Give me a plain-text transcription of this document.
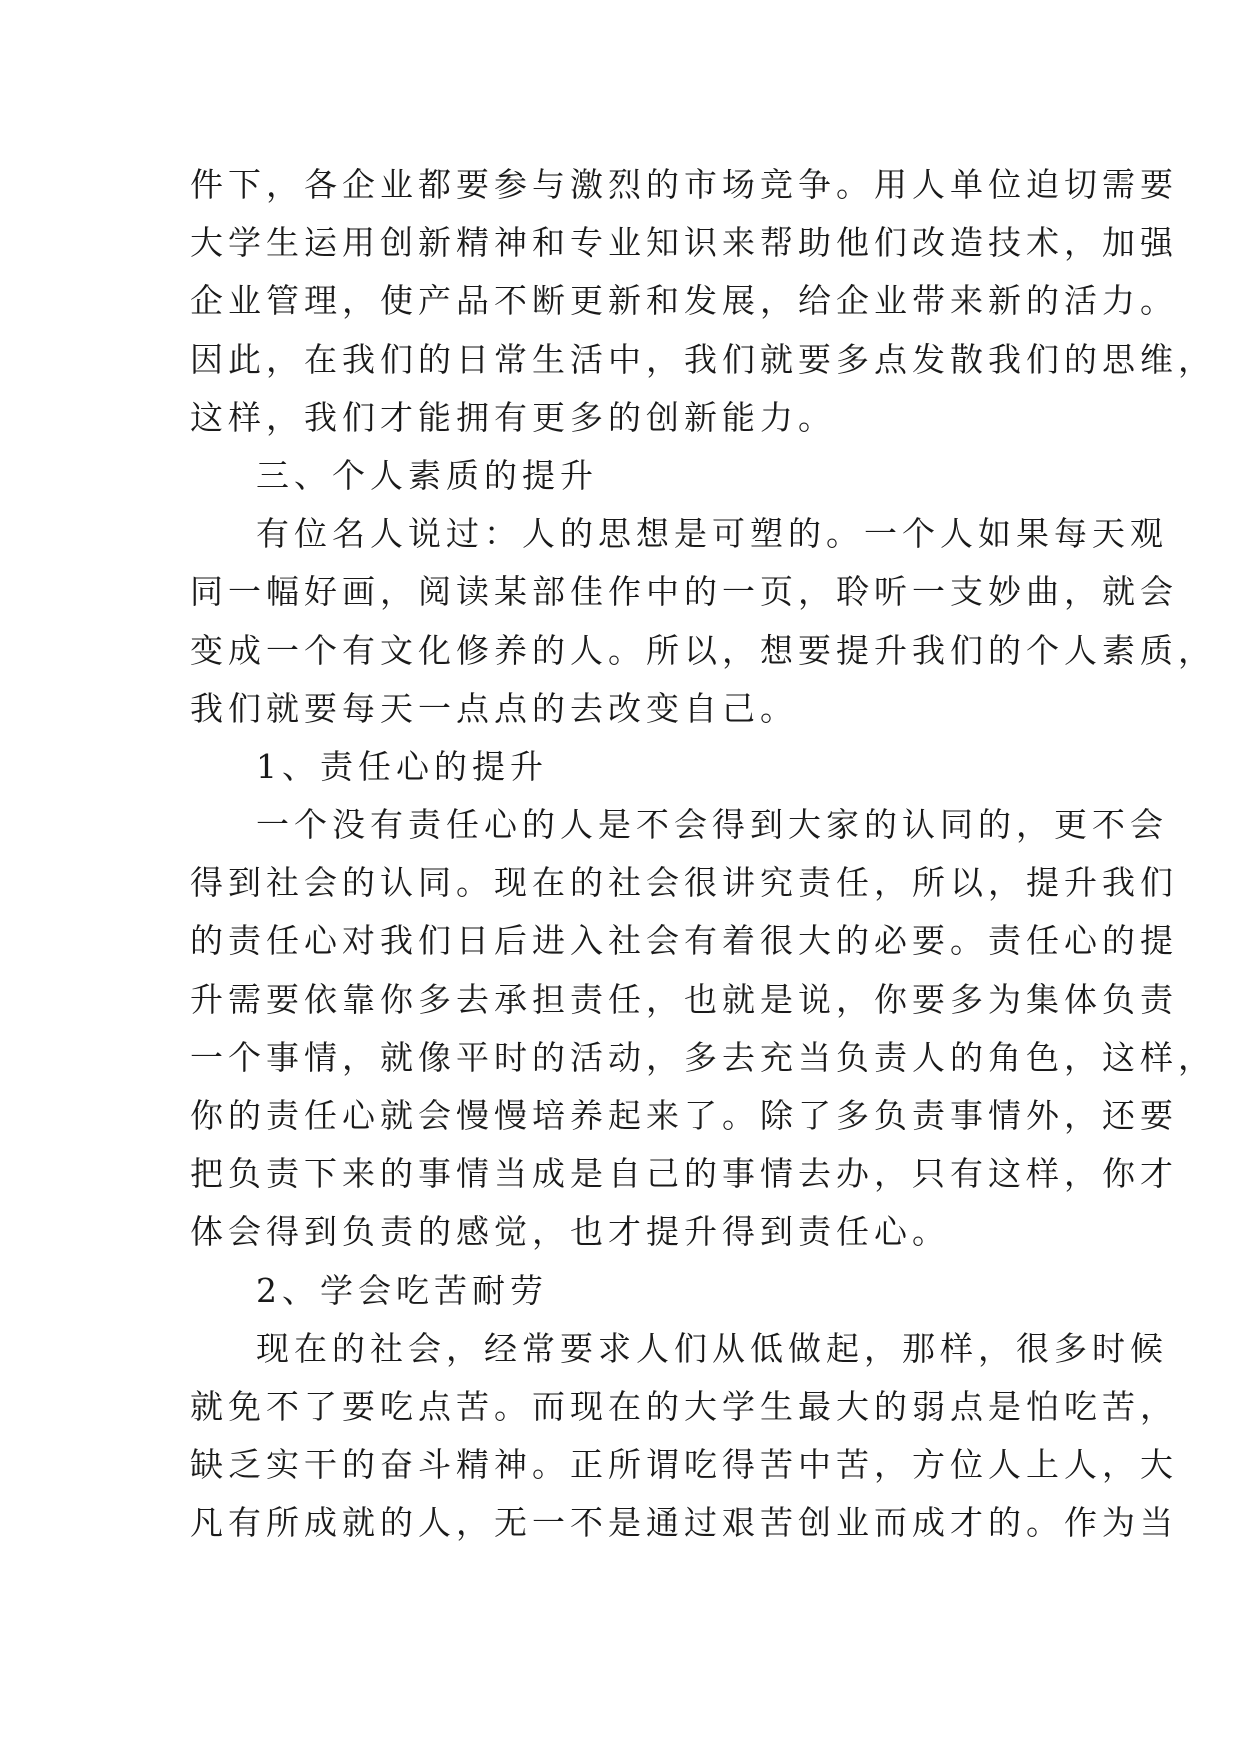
件下，各企业都要参与激烈的市场竞争。用人单位迫切需要
大学生运用创新精神和专业知识来帮助他们改造技术，加强
企业管理，使产品不断更新和发展，给企业带来新的活力。
因此，在我们的日常生活中，我们就要多点发散我们的思维，
这样，我们才能拥有更多的创新能力。
三、个人素质的提升
有位名人说过：人的思想是可塑的。一个人如果每天观
同一幅好画，阅读某部佳作中的一页，聆听一支妙曲，就会
变成一个有文化修养的人。所以，想要提升我们的个人素质，
我们就要每天一点点的去改变自己。
1、责任心的提升
一个没有责任心的人是不会得到大家的认同的，更不会
得到社会的认同。现在的社会很讲究责任，所以，提升我们
的责任心对我们日后进入社会有着很大的必要。责任心的提
升需要依靠你多去承担责任，也就是说，你要多为集体负责
一个事情，就像平时的活动，多去充当负责人的角色，这样，
你的责任心就会慢慢培养起来了。除了多负责事情外，还要
把负责下来的事情当成是自己的事情去办，只有这样，你才
体会得到负责的感觉，也才提升得到责任心。
2、学会吃苦耐劳
现在的社会，经常要求人们从低做起，那样，很多时候
就免不了要吃点苦。而现在的大学生最大的弱点是怕吃苦，
缺乏实干的奋斗精神。正所谓吃得苦中苦，方位人上人，大
凡有所成就的人，无一不是通过艰苦创业而成才的。作为当
